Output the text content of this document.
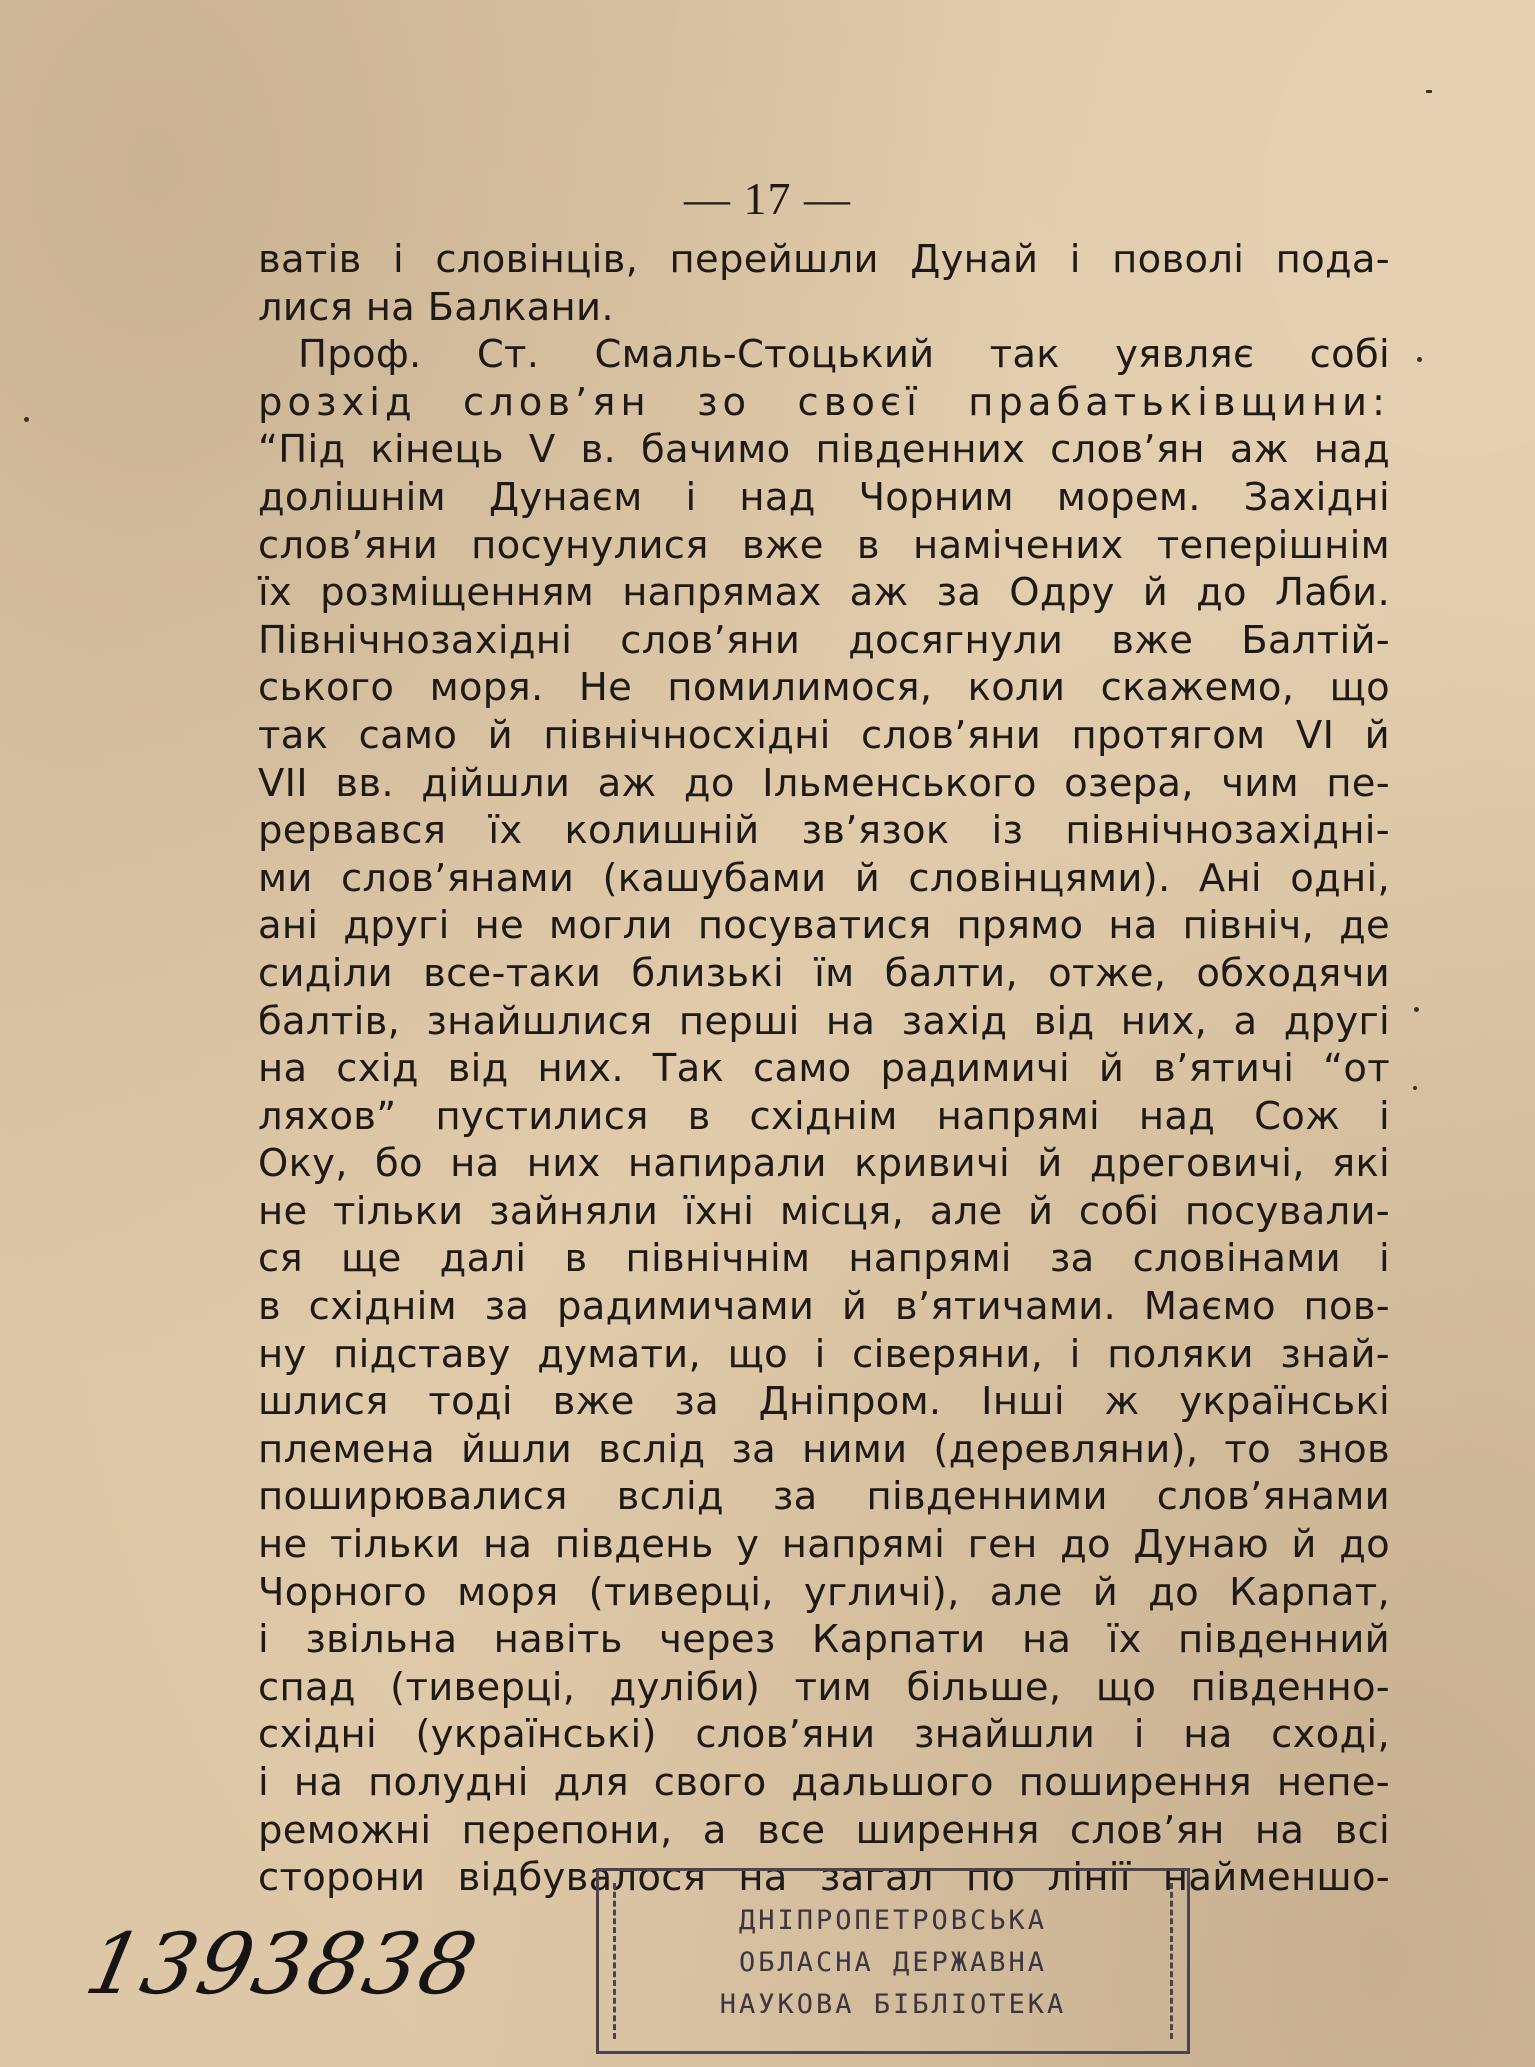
— 17 —
ватів і словінців, перейшли Дунай і поволі пода-
лися на Балкани.
Проф. Ст. Смаль-Стоцький так уявляє собі
розхід слов’ян зо своєї прабатьківщини:
“Під кінець V в. бачимо південних слов’ян аж над
долішнім Дунаєм і над Чорним морем. Західні
слов’яни посунулися вже в намічених теперішнім
їх розміщенням напрямах аж за Одру й до Лаби.
Північнозахідні слов’яни досягнули вже Балтій-
ського моря. Не помилимося, коли скажемо, що
так само й північносхідні слов’яни протягом VI й
VII вв. дійшли аж до Ільменського озера, чим пе-
рервався їх колишній зв’язок із північнозахідні-
ми слов’янами (кашубами й словінцями). Ані одні,
ані другі не могли посуватися прямо на північ, де
сиділи все-таки близькі їм балти, отже, обходячи
балтів, знайшлися перші на захід від них, а другі
на схід від них. Так само радимичі й в’ятичі “от
ляхов” пустилися в східнім напрямі над Сож і
Оку, бо на них напирали кривичі й дреговичі, які
не тільки зайняли їхні місця, але й собі посували-
ся ще далі в північнім напрямі за словінами і
в східнім за радимичами й в’ятичами. Маємо пов-
ну підставу думати, що і сіверяни, і поляки знай-
шлися тоді вже за Дніпром. Інші ж українські
племена йшли вслід за ними (деревляни), то знов
поширювалися вслід за південними слов’янами
не тільки на південь у напрямі ген до Дунаю й до
Чорного моря (тиверці, угличі), але й до Карпат,
і звільна навіть через Карпати на їх південний
спад (тиверці, дуліби) тим більше, що південно-
східні (українські) слов’яни знайшли і на сході,
і на полудні для свого дальшого поширення непе-
реможні перепони, а все ширення слов’ян на всі
сторони відбувалося на загал по лінії найменшо-
ДНІПРОПЕТРОВСЬКА
ОБЛАСНА ДЕРЖАВНА
НАУКОВА БІБЛІОТЕКА
1393838
